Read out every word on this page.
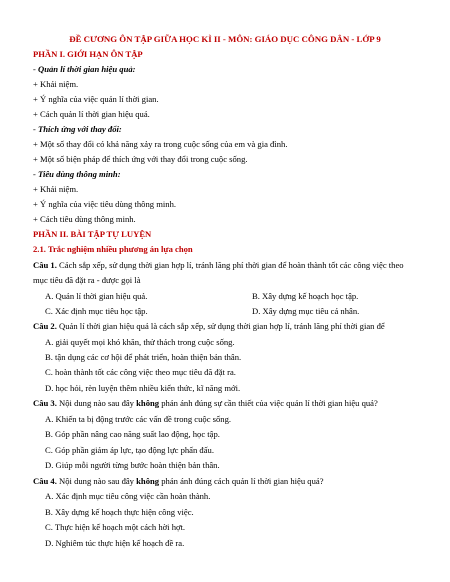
ĐỀ CƯƠNG ÔN TẬP GIỮA HỌC KÌ II - MÔN: GIÁO DỤC CÔNG DÂN - LỚP 9
PHẦN I. GIỚI HẠN ÔN TẬP
- Quản lí thời gian hiệu quả:
+ Khái niệm.
+ Ý nghĩa của việc quản lí thời gian.
+ Cách quản lí thời gian hiệu quả.
- Thích ứng với thay đổi:
+ Một số thay đổi có khả năng xảy ra trong cuộc sống của em và gia đình.
+ Một số biện pháp để thích ứng với thay đổi trong cuộc sống.
- Tiêu dùng thông minh:
+ Khái niệm.
+ Ý nghĩa của việc tiêu dùng thông minh.
+ Cách tiêu dùng thông minh.
PHẦN II. BÀI TẬP TỰ LUYỆN
2.1. Trắc nghiệm nhiều phương án lựa chọn
Câu 1. Cách sắp xếp, sử dụng thời gian hợp lí, tránh lãng phí thời gian để hoàn thành tốt các công việc theo
mục tiêu đã đặt ra - được gọi là
A. Quản lí thời gian hiệu quả.	B. Xây dựng kế hoạch học tập.
C. Xác định mục tiêu học tập.	D. Xây dựng mục tiêu cá nhân.
Câu 2. Quản lí thời gian hiệu quả là cách sắp xếp, sử dụng thời gian hợp lí, tránh lãng phí thời gian để
A. giải quyết mọi khó khăn, thử thách trong cuộc sống.
B. tận dụng các cơ hội để phát triển, hoàn thiện bản thân.
C. hoàn thành tốt các công việc theo mục tiêu đã đặt ra.
D. học hỏi, rèn luyện thêm nhiều kiến thức, kĩ năng mới.
Câu 3. Nội dung nào sau đây không phản ánh đúng sự cần thiết của việc quản lí thời gian hiệu quả?
A. Khiến ta bị động trước các vấn đề trong cuộc sống.
B. Góp phần nâng cao năng suất lao động, học tập.
C. Góp phần giảm áp lực, tạo động lực phấn đấu.
D. Giúp mỗi người từng bước hoàn thiện bản thân.
Câu 4. Nội dung nào sau đây không phản ánh đúng cách quản lí thời gian hiệu quả?
A. Xác định mục tiêu công việc cần hoàn thành.
B. Xây dựng kế hoạch thực hiện công việc.
C. Thực hiện kế hoạch một cách hời hợt.
D. Nghiêm túc thực hiện kế hoạch đề ra.
